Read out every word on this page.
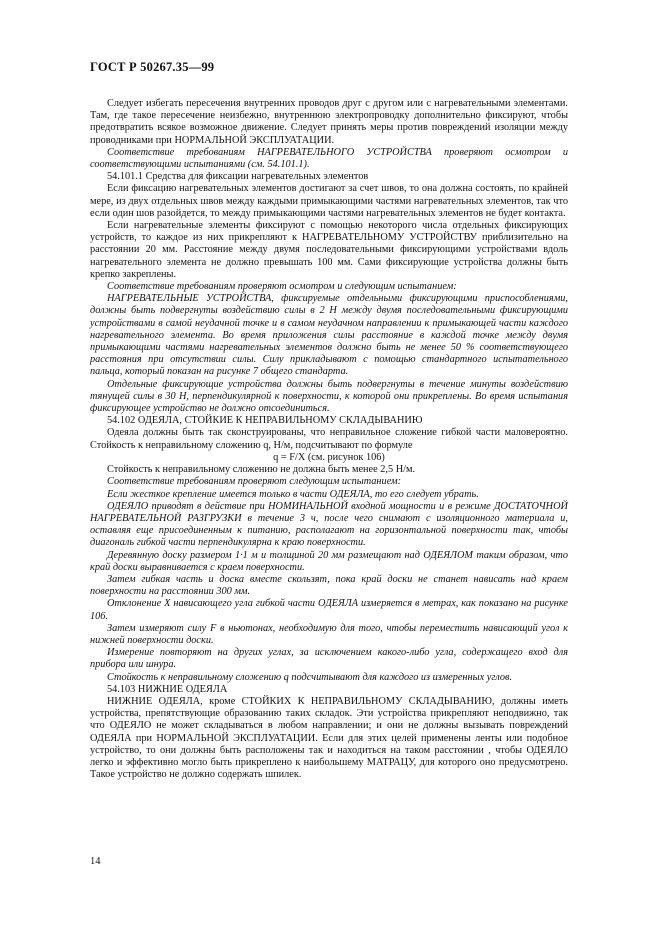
ГОСТ Р 50267.35—99

Следует избегать пересечения внутренних проводов друг с другом или с нагревательными элементами. Там, где такое пересечение неизбежно, внутреннюю электропроводку дополнительно фиксируют, чтобы предотвратить всякое возможное движение. Следует принять меры против повреждений изоляции между проводниками при НОРМАЛЬНОЙ ЭКСПЛУАТАЦИИ.

Соответствие требованиям НАГРЕВАТЕЛЬНОГО УСТРОЙСТВА проверяют осмотром и соответствующими испытаниями (см. 54.101.1).

54.101.1 Средства для фиксации нагревательных элементов

Если фиксацию нагревательных элементов достигают за счет швов, то она должна состоять, по крайней мере, из двух отдельных швов между каждыми примыкающими частями нагревательных элементов, так что если один шов разойдется, то между примыкающими частями нагревательных элементов не будет контакта.

Если нагревательные элементы фиксируют с помощью некоторого числа отдельных фиксирующих устройств, то каждое из них прикрепляют к НАГРЕВАТЕЛЬНОМУ УСТРОЙСТВУ приблизительно на расстоянии 20 мм. Расстояние между двумя последовательными фиксирующими устройствами вдоль нагревательного элемента не должно превышать 100 мм. Сами фиксирующие устройства должны быть крепко закреплены.

Соответствие требованиям проверяют осмотром и следующим испытанием:

НАГРЕВАТЕЛЬНЫЕ УСТРОЙСТВА, фиксируемые отдельными фиксирующими приспособлениями, должны быть подвергнуты воздействию силы в 2 Н между двумя последовательными фиксирующими устройствами в самой неудачной точке и в самом неудачном направлении к примыкающей части каждого нагревательного элемента. Во время приложения силы расстояние в каждой точке между двумя примыкающими частями нагревательных элементов должно быть не менее 50 % соответствующего расстояния при отсутствии силы. Силу прикладывают с помощью стандартного испытательного пальца, который показан на рисунке 7 общего стандарта.

Отдельные фиксирующие устройства должны быть подвергнуты в течение минуты воздействию тянущей силы в 30 Н, перпендикулярной к поверхности, к которой они прикреплены. Во время испытания фиксирующее устройство не должно отсоединиться.

54.102 ОДЕЯЛА, СТОЙКИЕ К НЕПРАВИЛЬНОМУ СКЛАДЫВАНИЮ

Одеяла должны быть так сконструированы, что неправильное сложение гибкой части маловероятно. Стойкость к неправильному сложению q, Н/м, подсчитывают по формуле

q = F/X (см. рисунок 106)

Стойкость к неправильному сложению не должна быть менее 2,5 Н/м.

Соответствие требованиям проверяют следующим испытанием:

Если жесткое крепление имеется только в части ОДЕЯЛА, то его следует убрать.

ОДЕЯЛО приводят в действие при НОМИНАЛЬНОЙ входной мощности и в режиме ДОСТАТОЧНОЙ НАГРЕВАТЕЛЬНОЙ РАЗГРУЗКИ в течение 3 ч, после чего снимают с изоляционного материала и, оставляя еще присоединенным к питанию, располагают на горизонтальной поверхности так, чтобы диагональ гибкой части перпендикулярна к краю поверхности.

Деревянную доску размером 1·1 м и толщиной 20 мм размещают над ОДЕЯЛОМ таким образом, что край доски выравнивается с краем поверхности.

Затем гибкая часть и доска вместе скользят, пока край доски не станет нависать над краем поверхности на расстоянии 300 мм.

Отклонение X нависающего угла гибкой части ОДЕЯЛА измеряется в метрах, как показано на рисунке 106.

Затем измеряют силу F в ньютонах, необходимую для того, чтобы переместить нависающий угол к нижней поверхности доски.

Измерение повторяют на других углах, за исключением какого-либо угла, содержащего вход для прибора или шнура.

Стойкость к неправильному сложению q подсчитывают для каждого из измеренных углов.

54.103 НИЖНИЕ ОДЕЯЛА

НИЖНИЕ ОДЕЯЛА, кроме СТОЙКИХ К НЕПРАВИЛЬНОМУ СКЛАДЫВАНИЮ, должны иметь устройства, препятствующие образованию таких складок. Эти устройства прикрепляют неподвижно, так что ОДЕЯЛО не может складываться в любом направлении; и они не должны вызывать повреждений ОДЕЯЛА при НОРМАЛЬНОЙ ЭКСПЛУАТАЦИИ. Если для этих целей применены ленты или подобное устройство, то они должны быть расположены так и находиться на таком расстоянии , чтобы ОДЕЯЛО легко и эффективно могло быть прикреплено к наибольшему МАТРАЦУ, для которого оно предусмотрено. Такое устройство не должно содержать шпилек.

14
